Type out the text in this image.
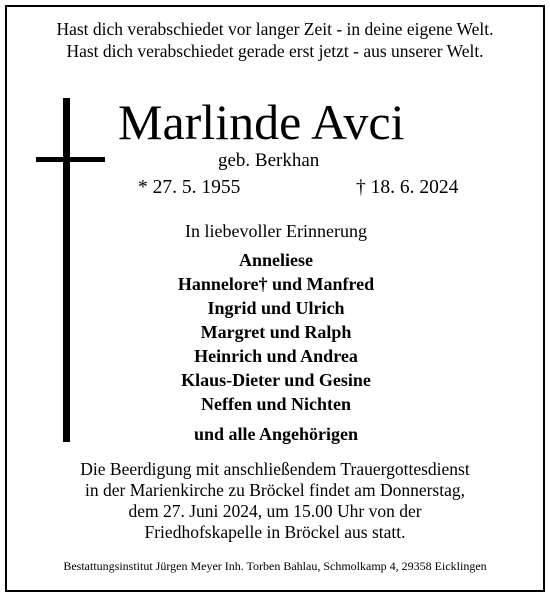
Hast dich verabschiedet vor langer Zeit - in deine eigene Welt.
Hast dich verabschiedet gerade erst jetzt - aus unserer Welt.
Marlinde Avci
geb. Berkhan
* 27. 5. 1955	† 18. 6. 2024
In liebevoller Erinnerung
Anneliese
Hannelore† und Manfred
Ingrid und Ulrich
Margret und Ralph
Heinrich und Andrea
Klaus-Dieter und Gesine
Neffen und Nichten
und alle Angehörigen
Die Beerdigung mit anschließendem Trauergottesdienst
in der Marienkirche zu Bröckel findet am Donnerstag,
dem 27. Juni 2024, um 15.00 Uhr von der
Friedhofskapelle in Bröckel aus statt.
Bestattungsinstitut Jürgen Meyer Inh. Torben Bahlau, Schmolkamp 4, 29358 Eicklingen
